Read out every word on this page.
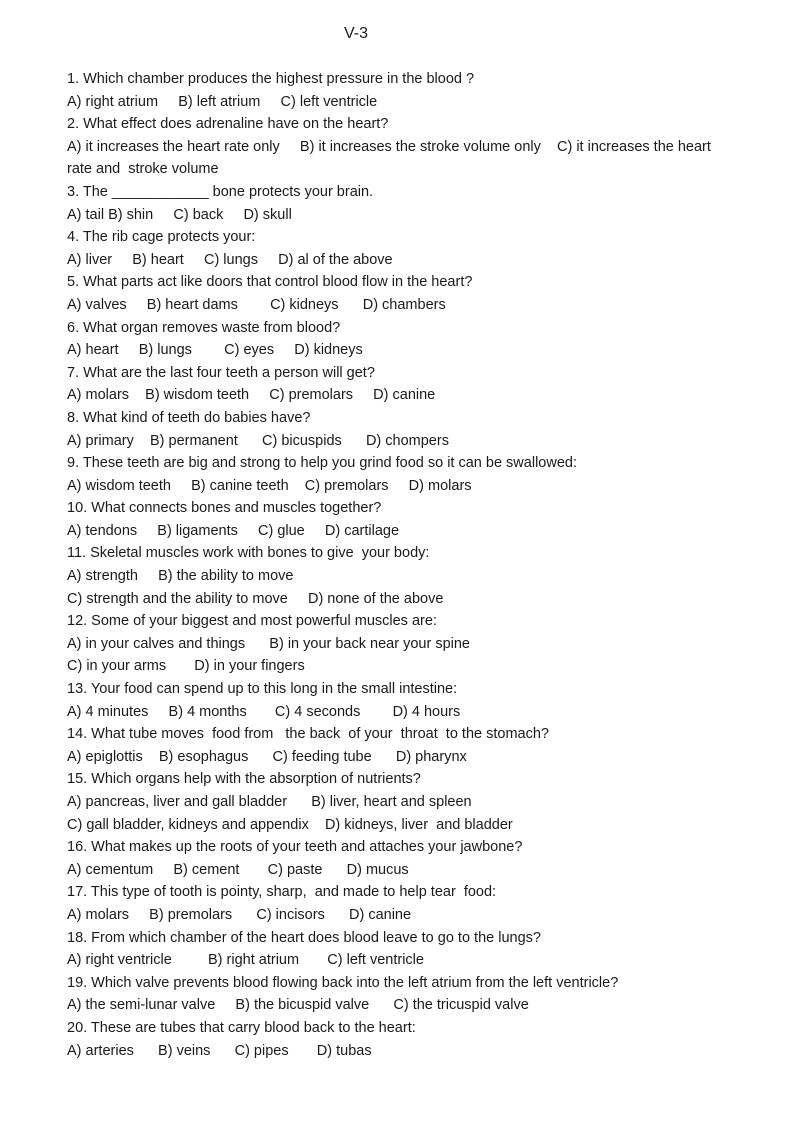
V-3
1. Which chamber produces the highest pressure in the blood ?
A) right atrium     B) left atrium     C) left ventricle
2. What effect does adrenaline have on the heart?
A) it increases the heart rate only     B) it increases the stroke volume only    C) it increases the heart
rate and  stroke volume
3. The ____________ bone protects your brain.
A) tail B) shin     C) back     D) skull
4. The rib cage protects your:
A) liver     B) heart     C) lungs     D) al of the above
5. What parts act like doors that control blood flow in the heart?
A) valves     B) heart dams        C) kidneys      D) chambers
6. What organ removes waste from blood?
A) heart     B) lungs        C) eyes     D) kidneys
7. What are the last four teeth a person will get?
A) molars    B) wisdom teeth     C) premolars     D) canine
8. What kind of teeth do babies have?
A) primary    B) permanent      C) bicuspids      D) chompers
9. These teeth are big and strong to help you grind food so it can be swallowed:
A) wisdom teeth     B) canine teeth    C) premolars     D) molars
10. What connects bones and muscles together?
A) tendons     B) ligaments     C) glue     D) cartilage
11. Skeletal muscles work with bones to give  your body:
A) strength     B) the ability to move
C) strength and the ability to move     D) none of the above
12. Some of your biggest and most powerful muscles are:
A) in your calves and things      B) in your back near your spine
C) in your arms       D) in your fingers
13. Your food can spend up to this long in the small intestine:
A) 4 minutes     B) 4 months       C) 4 seconds        D) 4 hours
14. What tube moves  food from   the back  of your  throat  to the stomach?
A) epiglottis    B) esophagus      C) feeding tube      D) pharynx
15. Which organs help with the absorption of nutrients?
A) pancreas, liver and gall bladder      B) liver, heart and spleen
C) gall bladder, kidneys and appendix    D) kidneys, liver  and bladder
16. What makes up the roots of your teeth and attaches your jawbone?
A) cementum     B) cement       C) paste      D) mucus
17. This type of tooth is pointy, sharp,  and made to help tear  food:
A) molars     B) premolars      C) incisors      D) canine
18. From which chamber of the heart does blood leave to go to the lungs?
A) right ventricle         B) right atrium       C) left ventricle
19. Which valve prevents blood flowing back into the left atrium from the left ventricle?
A) the semi-lunar valve     B) the bicuspid valve      C) the tricuspid valve
20. These are tubes that carry blood back to the heart:
A) arteries      B) veins      C) pipes       D) tubas
